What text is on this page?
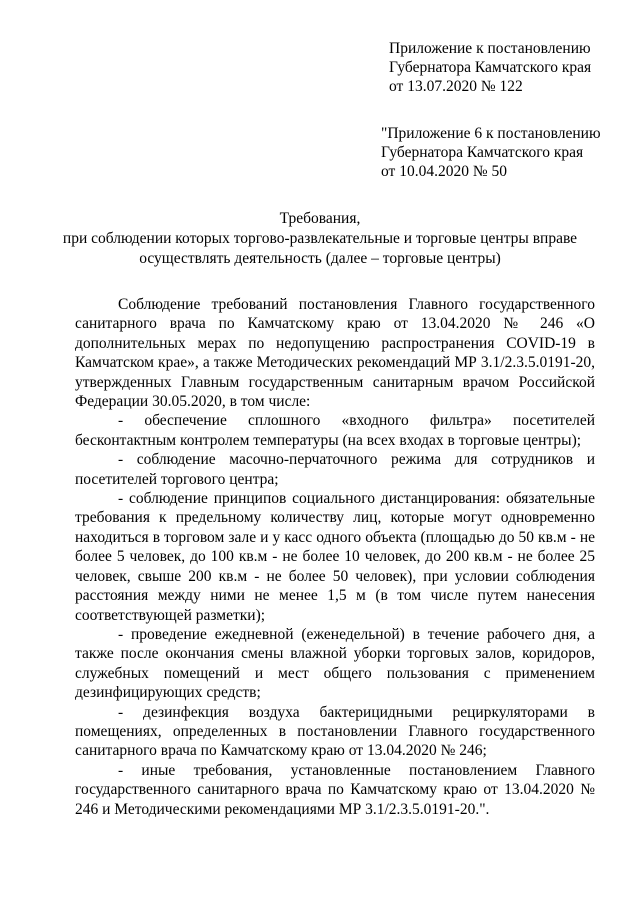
Приложение к постановлению

Губернатора Камчатского края

от 13.07.2020 № 122

"Приложение 6 к постановлению

Губернатора Камчатского края

от 10.04.2020 № 50

Требования,

при соблюдении которых торгово-развлекательные и торговые центры вправе

осуществлять деятельность (далее – торговые центры)

Соблюдение требований постановления Главного государственного санитарного врача по Камчатскому краю от 13.04.2020 № 246 «О дополнительных мерах по недопущению распространения COVID-19 в Камчатском крае», а также Методических рекомендаций МР 3.1/2.3.5.0191-20, утвержденных Главным государственным санитарным врачом Российской Федерации 30.05.2020, в том числе:

- обеспечение сплошного «входного фильтра» посетителей бесконтактным контролем температуры (на всех входах в торговые центры);

- соблюдение масочно-перчаточного режима для сотрудников и посетителей торгового центра;

- соблюдение принципов социального дистанцирования: обязательные требования к предельному количеству лиц, которые могут одновременно находиться в торговом зале и у касс одного объекта (площадью до 50 кв.м - не более 5 человек, до 100 кв.м - не более 10 человек, до 200 кв.м - не более 25 человек, свыше 200 кв.м - не более 50 человек), при условии соблюдения расстояния между ними не менее 1,5 м (в том числе путем нанесения соответствующей разметки);

- проведение ежедневной (еженедельной) в течение рабочего дня, а также после окончания смены влажной уборки торговых залов, коридоров, служебных помещений и мест общего пользования с применением дезинфицирующих средств;

- дезинфекция воздуха бактерицидными рециркуляторами в помещениях, определенных в постановлении Главного государственного санитарного врача по Камчатскому краю от 13.04.2020 № 246;

- иные требования, установленные постановлением Главного государственного санитарного врача по Камчатскому краю от 13.04.2020 № 246 и Методическими рекомендациями МР 3.1/2.3.5.0191-20.".
